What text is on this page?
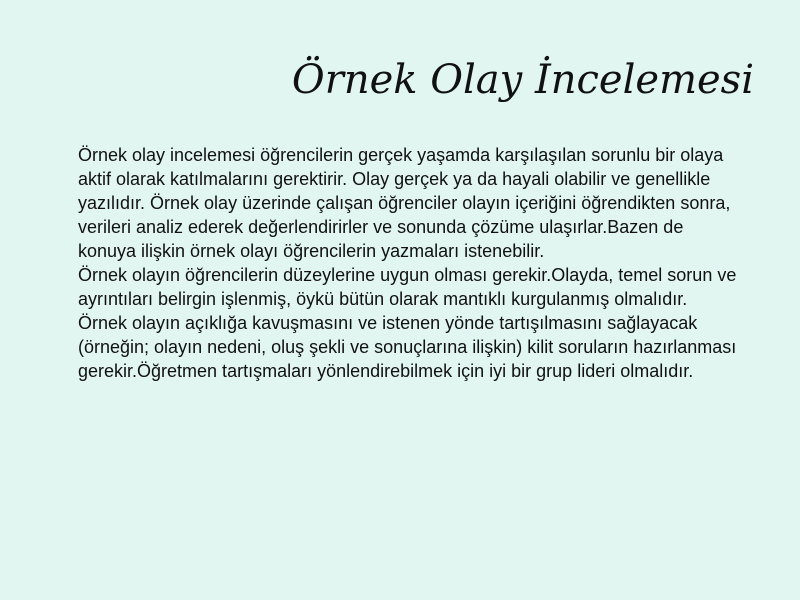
Örnek Olay İncelemesi

Örnek olay incelemesi öğrencilerin gerçek yaşamda karşılaşılan sorunlu bir olaya
aktif olarak katılmalarını gerektirir. Olay gerçek ya da hayali olabilir ve genellikle
yazılıdır. Örnek olay üzerinde çalışan öğrenciler olayın içeriğini öğrendikten sonra,
verileri analiz ederek değerlendirirler ve sonunda çözüme ulaşırlar.Bazen de
konuya ilişkin örnek olayı öğrencilerin yazmaları istenebilir.

Örnek olayın öğrencilerin düzeylerine uygun olması gerekir.Olayda, temel sorun ve
ayrıntıları belirgin işlenmiş, öykü bütün olarak mantıklı kurgulanmış olmalıdır.

Örnek olayın açıklığa kavuşmasını ve istenen yönde tartışılmasını sağlayacak
(örneğin; olayın nedeni, oluş şekli ve sonuçlarına ilişkin) kilit soruların hazırlanması
gerekir.Öğretmen tartışmaları yönlendirebilmek için iyi bir grup lideri olmalıdır.
